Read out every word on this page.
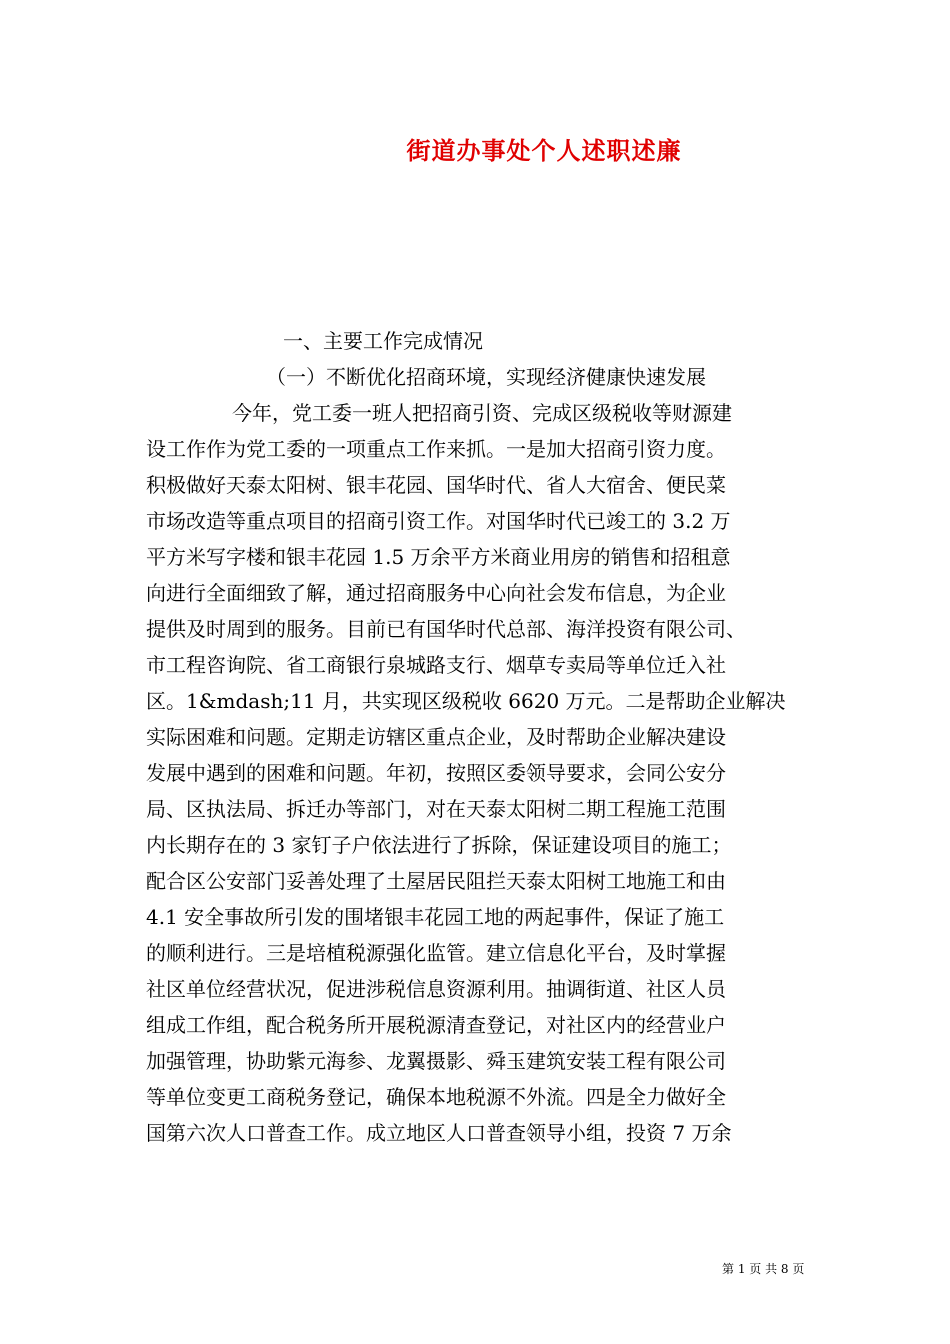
街道办事处个人述职述廉
一、主要工作完成情况
（一）不断优化招商环境，实现经济健康快速发展
今年，党工委一班人把招商引资、完成区级税收等财源建
设工作作为党工委的一项重点工作来抓。一是加大招商引资力度。
积极做好天泰太阳树、银丰花园、国华时代、省人大宿舍、便民菜
市场改造等重点项目的招商引资工作。对国华时代已竣工的 3.2 万
平方米写字楼和银丰花园 1.5 万余平方米商业用房的销售和招租意
向进行全面细致了解，通过招商服务中心向社会发布信息，为企业
提供及时周到的服务。目前已有国华时代总部、海洋投资有限公司、
市工程咨询院、省工商银行泉城路支行、烟草专卖局等单位迁入社
区。1&mdash;11 月，共实现区级税收 6620 万元。二是帮助企业解决
实际困难和问题。定期走访辖区重点企业，及时帮助企业解决建设
发展中遇到的困难和问题。年初，按照区委领导要求，会同公安分
局、区执法局、拆迁办等部门，对在天泰太阳树二期工程施工范围
内长期存在的 3 家钉子户依法进行了拆除，保证建设项目的施工；
配合区公安部门妥善处理了土屋居民阻拦天泰太阳树工地施工和由
4.1 安全事故所引发的围堵银丰花园工地的两起事件，保证了施工
的顺利进行。三是培植税源强化监管。建立信息化平台，及时掌握
社区单位经营状况，促进涉税信息资源利用。抽调街道、社区人员
组成工作组，配合税务所开展税源清查登记，对社区内的经营业户
加强管理，协助紫元海参、龙翼摄影、舜玉建筑安装工程有限公司
等单位变更工商税务登记，确保本地税源不外流。四是全力做好全
国第六次人口普查工作。成立地区人口普查领导小组，投资 7 万余
第 1 页 共 8 页
